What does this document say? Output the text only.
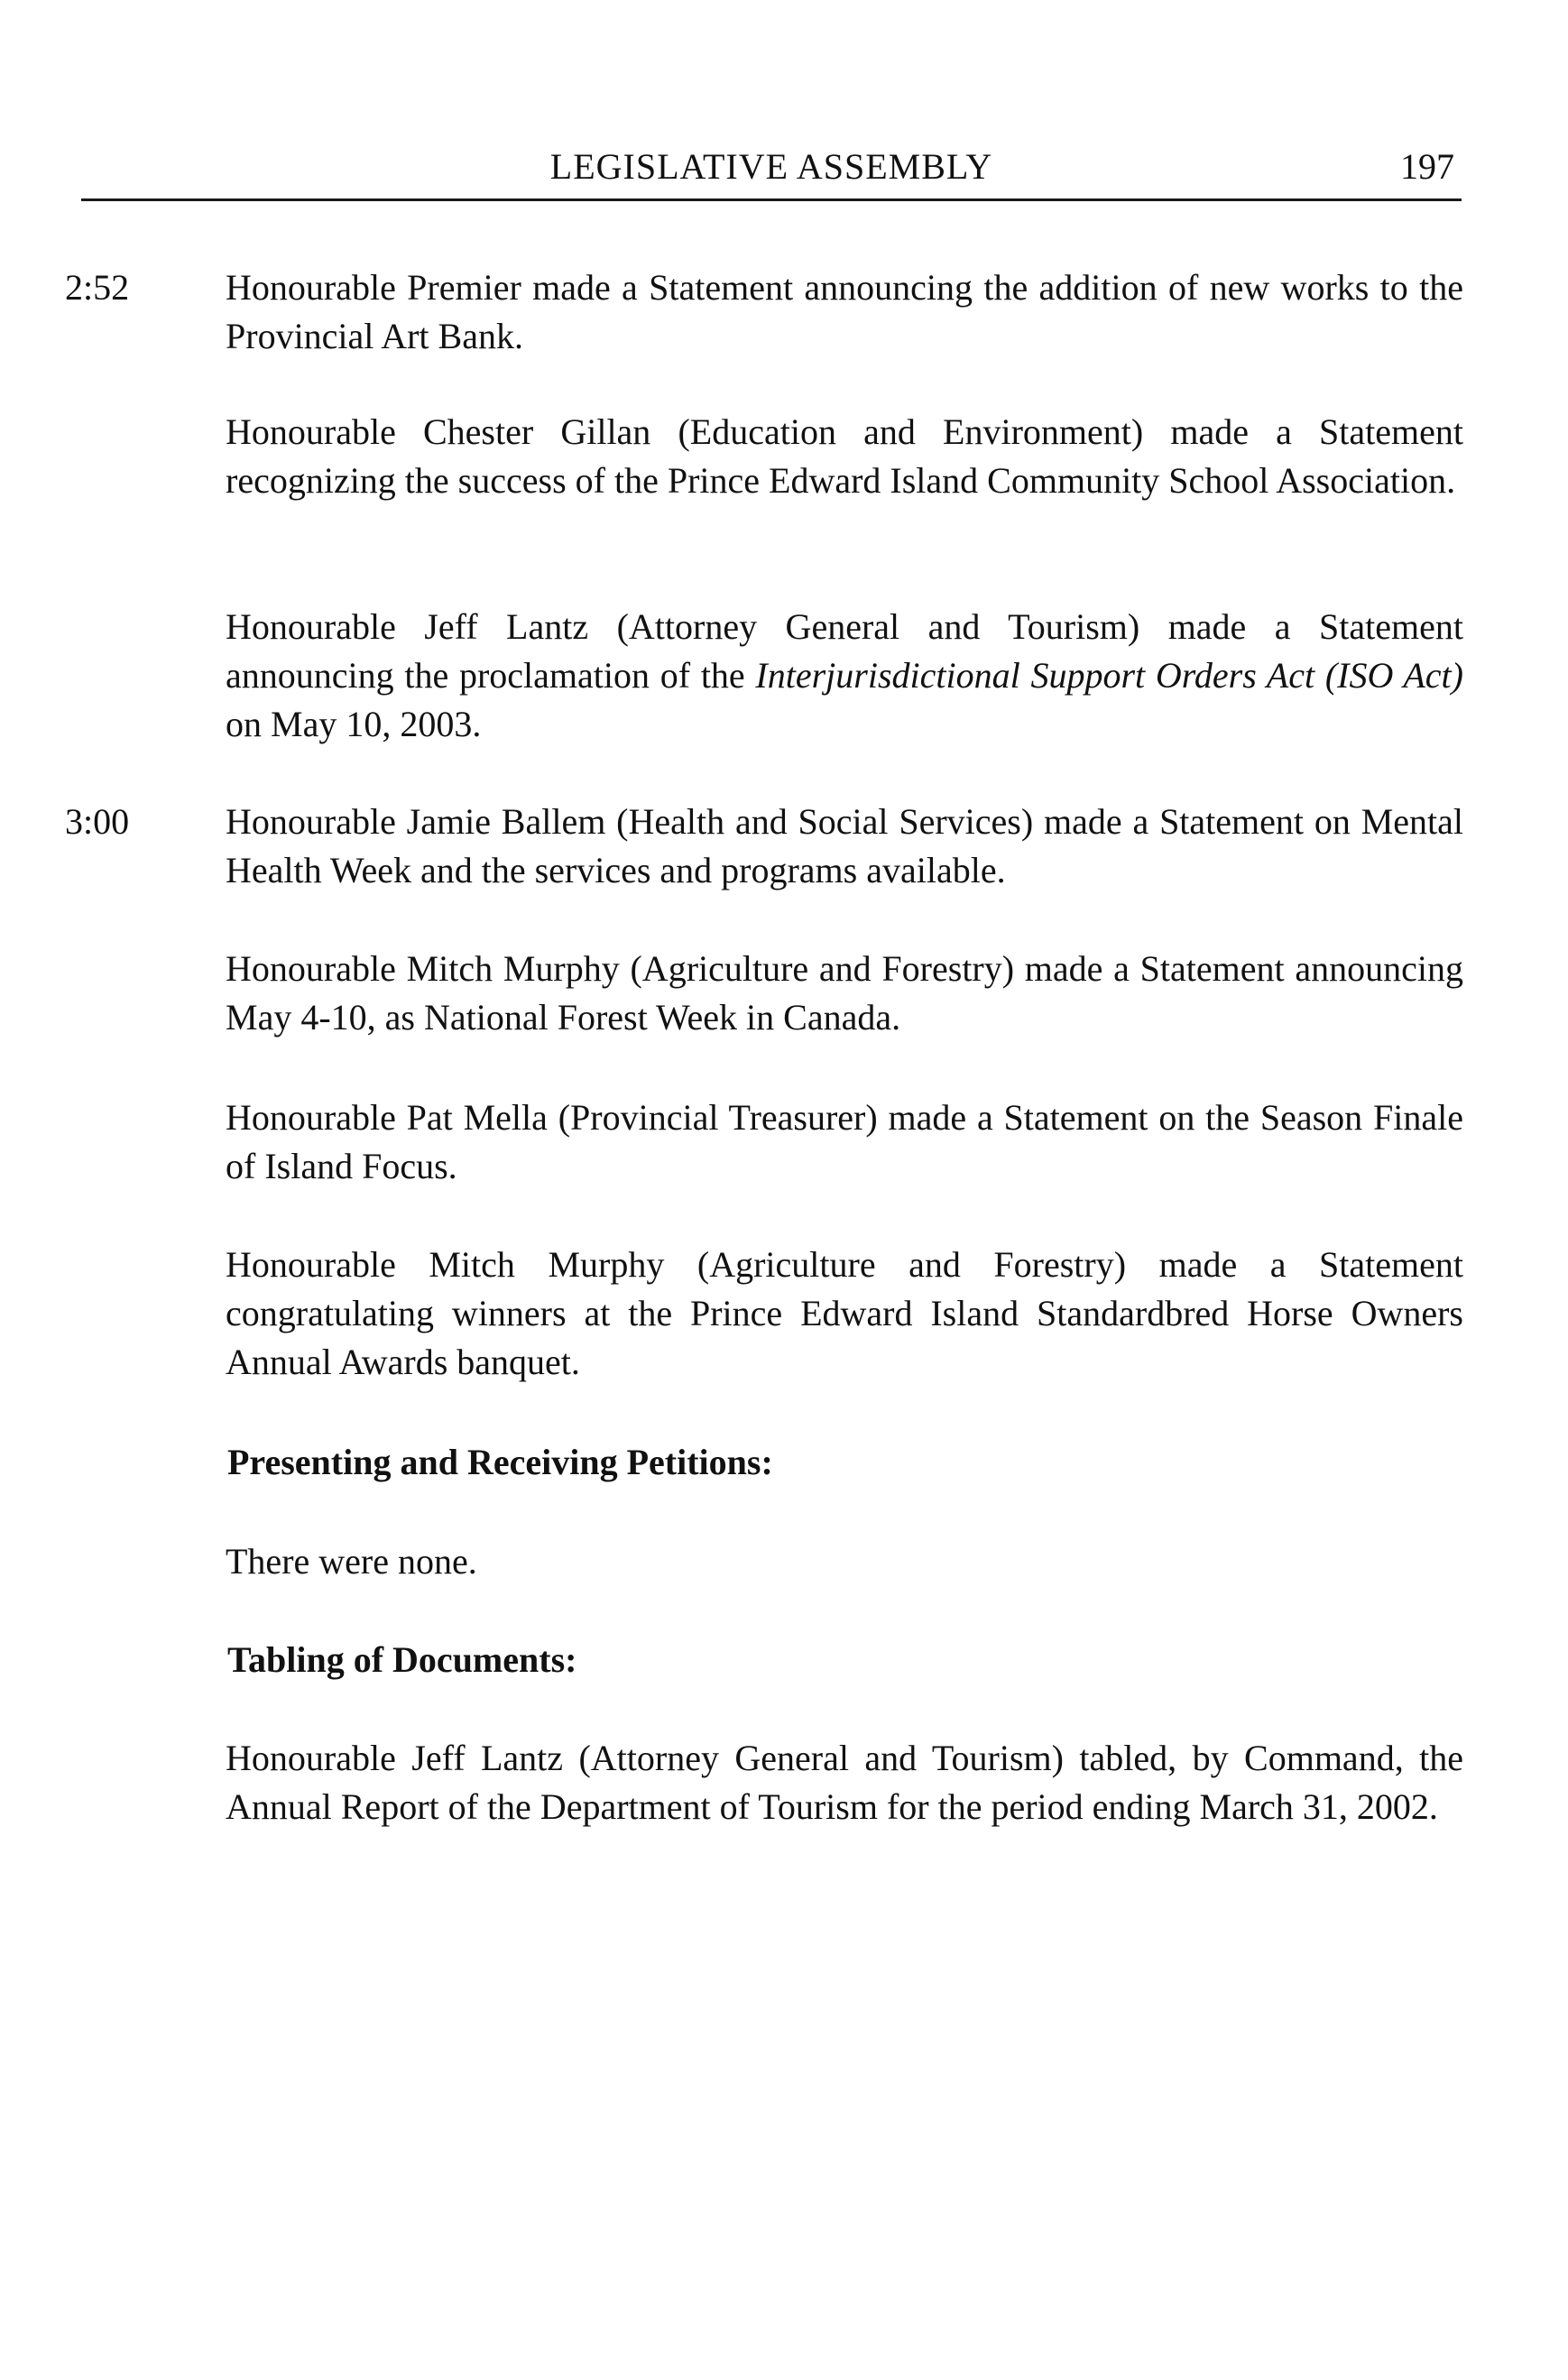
LEGISLATIVE ASSEMBLY	197
2:52	Honourable Premier made a Statement announcing the addition of new works to the Provincial Art Bank.
Honourable Chester Gillan (Education and Environment) made a Statement recognizing the success of the Prince Edward Island Community School Association.
Honourable Jeff Lantz (Attorney General and Tourism) made a Statement announcing the proclamation of the Interjurisdictional Support Orders Act (ISO Act) on May 10, 2003.
3:00	Honourable Jamie Ballem (Health and Social Services) made a Statement on Mental Health Week and the services and programs available.
Honourable Mitch Murphy (Agriculture and Forestry) made a Statement announcing May 4-10, as National Forest Week in Canada.
Honourable Pat Mella (Provincial Treasurer) made a Statement on the Season Finale of Island Focus.
Honourable Mitch Murphy (Agriculture and Forestry) made a Statement congratulating winners at the Prince Edward Island Standardbred Horse Owners Annual Awards banquet.
Presenting and Receiving Petitions:
There were none.
Tabling of Documents:
Honourable Jeff Lantz (Attorney General and Tourism) tabled, by Command, the Annual Report of the Department of Tourism for the period ending March 31, 2002.
